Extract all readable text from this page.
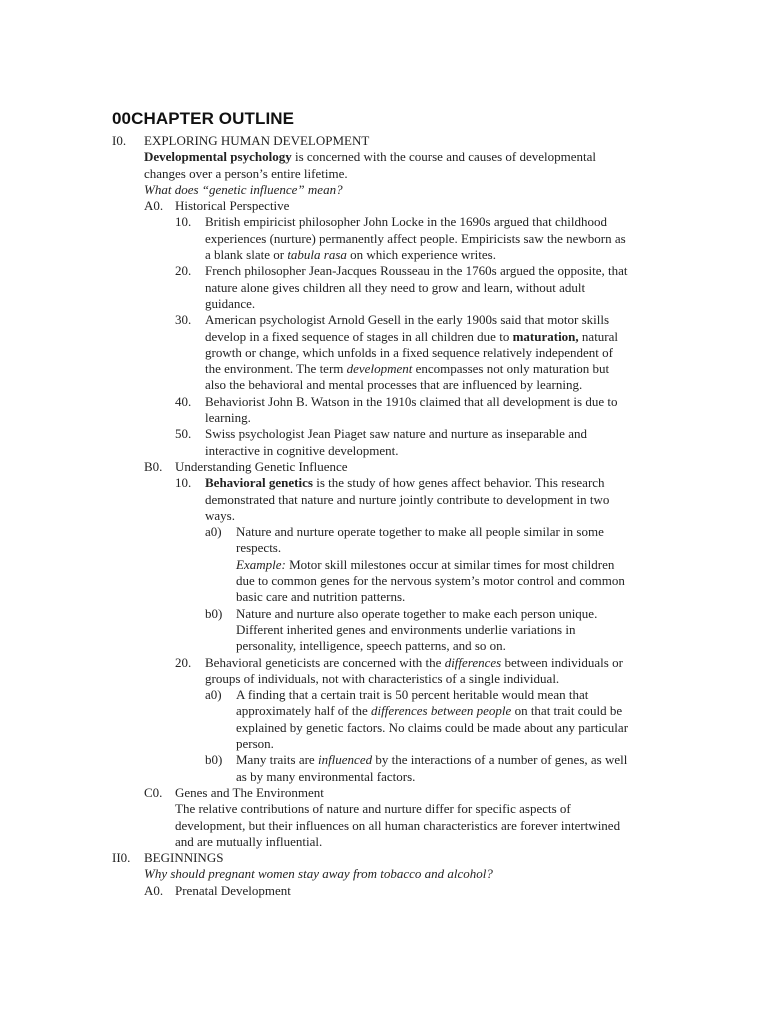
00CHAPTER OUTLINE
I0. EXPLORING HUMAN DEVELOPMENT
Developmental psychology is concerned with the course and causes of developmental
changes over a person’s entire lifetime.
What does “genetic influence” mean?
A0. Historical Perspective
10. British empiricist philosopher John Locke in the 1690s argued that childhood
experiences (nurture) permanently affect people. Empiricists saw the newborn as
a blank slate or tabula rasa on which experience writes.
20. French philosopher Jean-Jacques Rousseau in the 1760s argued the opposite, that
nature alone gives children all they need to grow and learn, without adult
guidance.
30. American psychologist Arnold Gesell in the early 1900s said that motor skills
develop in a fixed sequence of stages in all children due to maturation, natural
growth or change, which unfolds in a fixed sequence relatively independent of
the environment. The term development encompasses not only maturation but
also the behavioral and mental processes that are influenced by learning.
40. Behaviorist John B. Watson in the 1910s claimed that all development is due to
learning.
50. Swiss psychologist Jean Piaget saw nature and nurture as inseparable and
interactive in cognitive development.
B0. Understanding Genetic Influence
10. Behavioral genetics is the study of how genes affect behavior. This research
demonstrated that nature and nurture jointly contribute to development in two
ways.
a0) Nature and nurture operate together to make all people similar in some
respects.
Example: Motor skill milestones occur at similar times for most children
due to common genes for the nervous system’s motor control and common
basic care and nutrition patterns.
b0) Nature and nurture also operate together to make each person unique.
Different inherited genes and environments underlie variations in
personality, intelligence, speech patterns, and so on.
20. Behavioral geneticists are concerned with the differences between individuals or
groups of individuals, not with characteristics of a single individual.
a0) A finding that a certain trait is 50 percent heritable would mean that
approximately half of the differences between people on that trait could be
explained by genetic factors. No claims could be made about any particular
person.
b0) Many traits are influenced by the interactions of a number of genes, as well
as by many environmental factors.
C0. Genes and The Environment
The relative contributions of nature and nurture differ for specific aspects of
development, but their influences on all human characteristics are forever intertwined
and are mutually influential.
II0. BEGINNINGS
Why should pregnant women stay away from tobacco and alcohol?
A0. Prenatal Development
